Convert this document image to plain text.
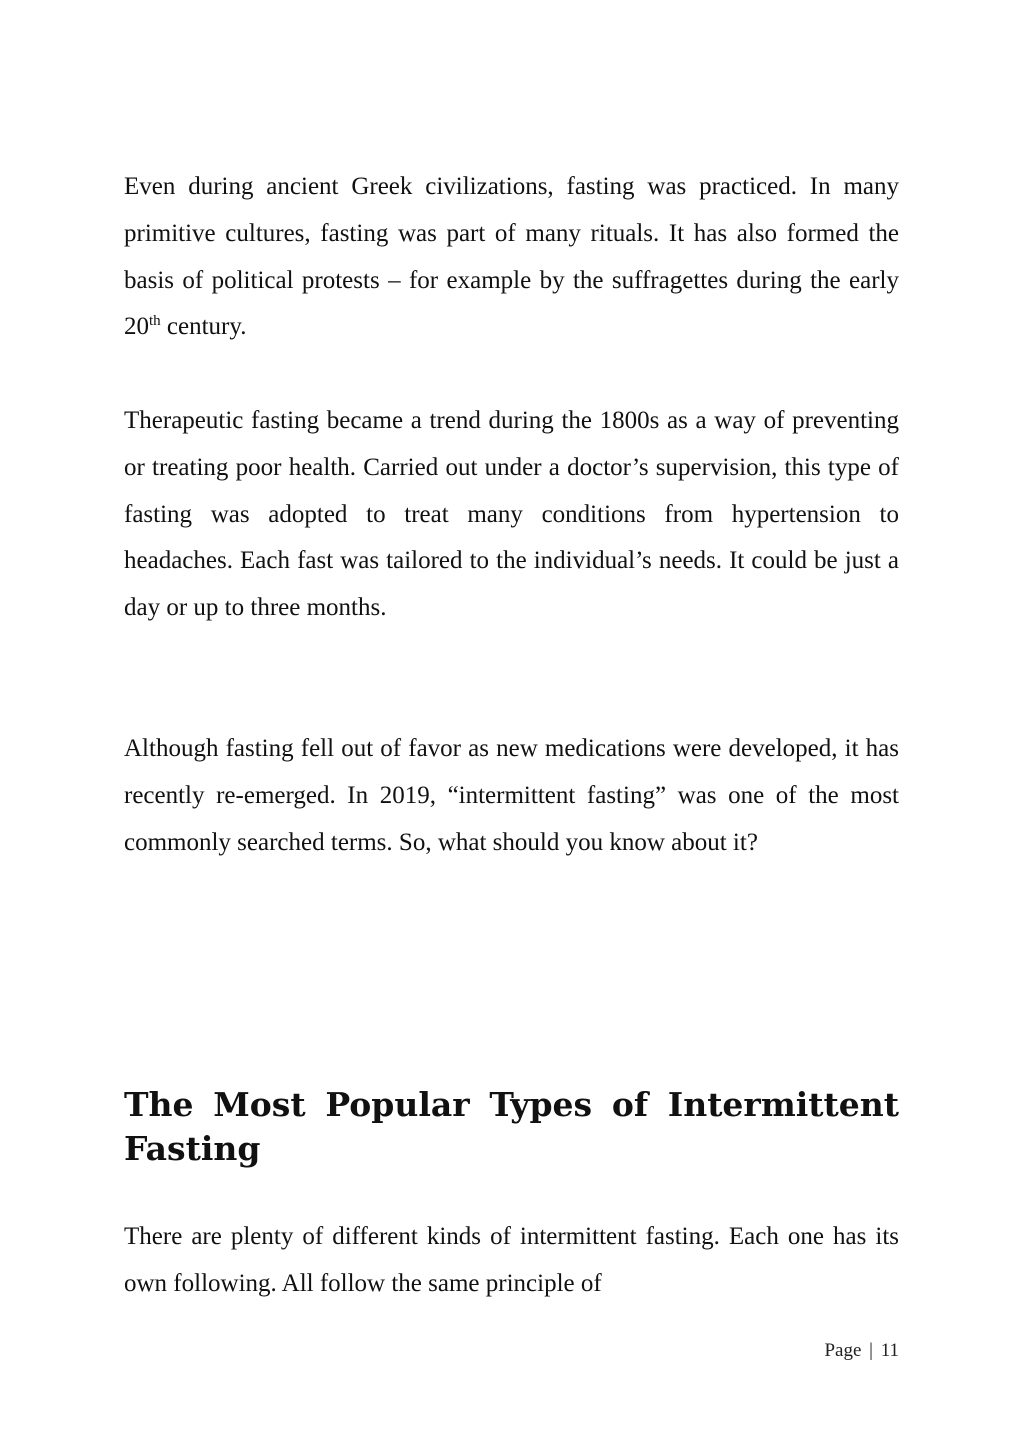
Even during ancient Greek civilizations, fasting was practiced. In many primitive cultures, fasting was part of many rituals. It has also formed the basis of political protests – for example by the suffragettes during the early 20th century.

Therapeutic fasting became a trend during the 1800s as a way of preventing or treating poor health. Carried out under a doctor’s supervision, this type of fasting was adopted to treat many conditions from hypertension to headaches. Each fast was tailored to the individual’s needs. It could be just a day or up to three months.

Although fasting fell out of favor as new medications were developed, it has recently re-emerged. In 2019, “intermittent fasting” was one of the most commonly searched terms. So, what should you know about it?

The Most Popular Types of Intermittent Fasting

There are plenty of different kinds of intermittent fasting. Each one has its own following. All follow the same principle of

Page | 11
